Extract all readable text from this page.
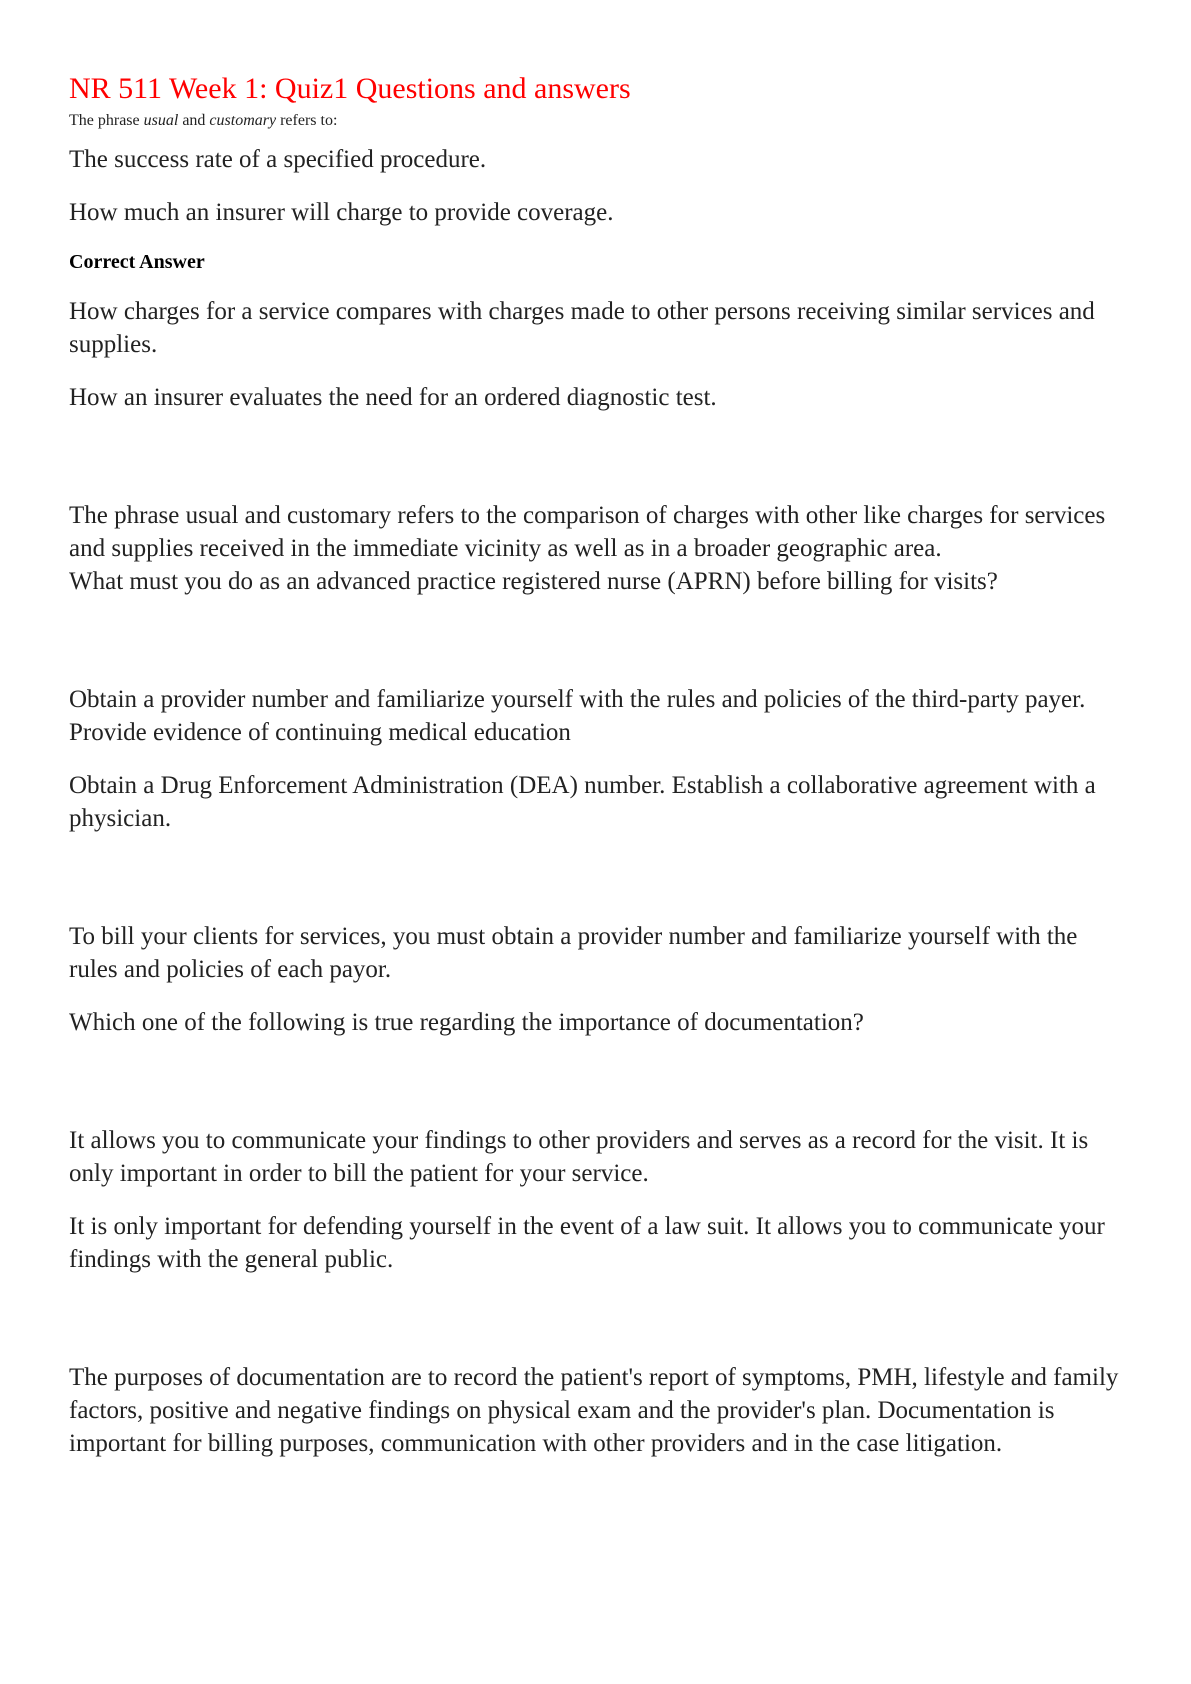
NR 511 Week 1: Quiz1 Questions and answers
The phrase usual and customary refers to:

The success rate of a specified procedure.

How much an insurer will charge to provide coverage.

Correct Answer

How charges for a service compares with charges made to other persons receiving similar services and supplies.

How an insurer evaluates the need for an ordered diagnostic test.

The phrase usual and customary refers to the comparison of charges with other like charges for services and supplies received in the immediate vicinity as well as in a broader geographic area.

What must you do as an advanced practice registered nurse (APRN) before billing for visits?

Obtain a provider number and familiarize yourself with the rules and policies of the third-party payer. Provide evidence of continuing medical education

Obtain a Drug Enforcement Administration (DEA) number. Establish a collaborative agreement with a physician.

To bill your clients for services, you must obtain a provider number and familiarize yourself with the rules and policies of each payor.

Which one of the following is true regarding the importance of documentation?

It allows you to communicate your findings to other providers and serves as a record for the visit. It is only important in order to bill the patient for your service.

It is only important for defending yourself in the event of a law suit. It allows you to communicate your findings with the general public.

The purposes of documentation are to record the patient's report of symptoms, PMH, lifestyle and family factors, positive and negative findings on physical exam and the provider's plan. Documentation is important for billing purposes, communication with other providers and in the case litigation.
